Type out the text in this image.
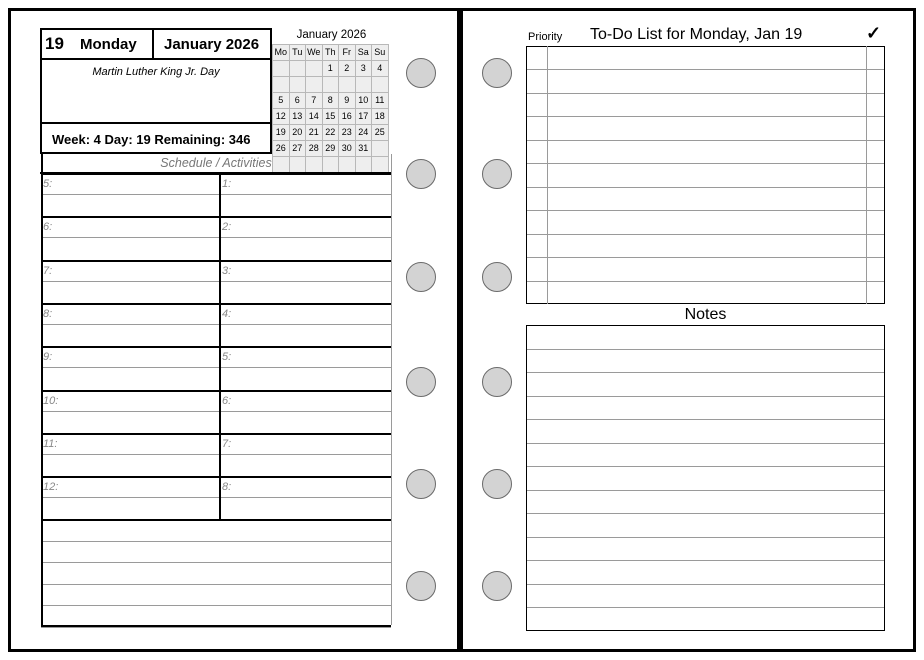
19 Monday January 2026
Martin Luther King Jr. Day
Week: 4 Day: 19 Remaining: 346
January 2026
Mo	Tu	We	Th	Fr	Sa	Su
			1	2	3	4

5	6	7	8	9	10	11
12	13	14	15	16	17	18
19	20	21	22	23	24	25
26	27	28	29	30	31	

Schedule / Activities
5:	1:
6:	2:
7:	3:
8:	4:
9:	5:
10:	6:
11:	7:
12:	8:
Priority To-Do List for Monday, Jan 19	✓
Notes
